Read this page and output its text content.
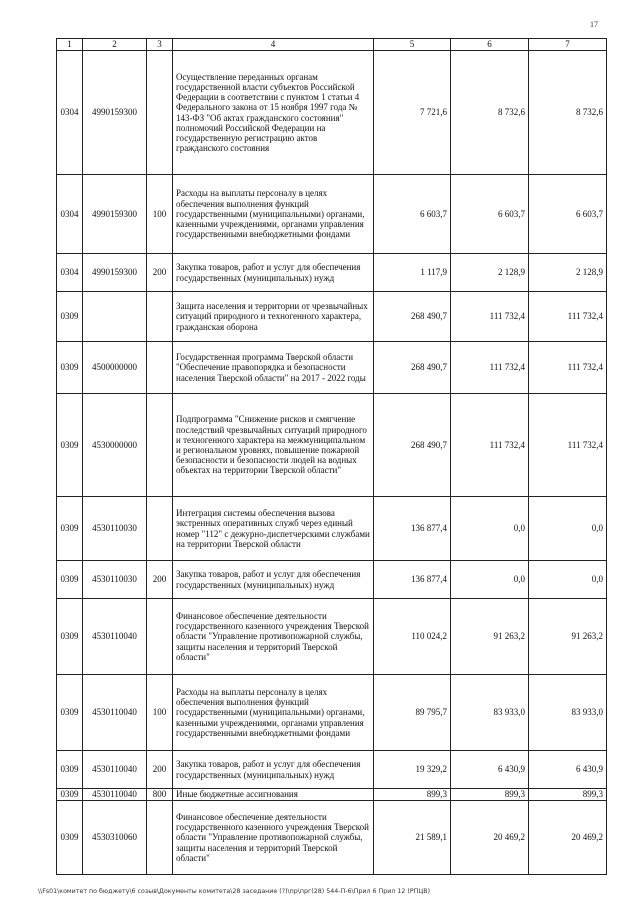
17
1	2	3	4	5	6	7
0304	4990159300		Осуществление переданных органам государственной власти субъектов Российской Федерации в соответствии с пунктом 1 статьи 4 Федерального закона от 15 ноября 1997 года № 143-ФЗ "Об актах гражданского состояния" полномочий Российской Федерации на государственную регистрацию актов гражданского состояния	7 721,6	8 732,6	8 732,6
0304	4990159300	100	Расходы на выплаты персоналу в целях обеспечения выполнения функций государственными (муниципальными) органами, казенными учреждениями, органами управления государственными внебюджетными фондами	6 603,7	6 603,7	6 603,7
0304	4990159300	200	Закупка товаров, работ и услуг для обеспечения государственных (муниципальных) нужд	1 117,9	2 128,9	2 128,9
0309			Защита населения и территории от чрезвычайных ситуаций природного и техногенного характера, гражданская оборона	268 490,7	111 732,4	111 732,4
0309	4500000000		Государственная программа Тверской области "Обеспечение правопорядка и безопасности населения Тверской области" на 2017 - 2022 годы	268 490,7	111 732,4	111 732,4
0309	4530000000		Подпрограмма "Снижение рисков и смягчение последствий чрезвычайных ситуаций природного и техногенного характера на межмуниципальном и региональном уровнях, повышение пожарной безопасности и безопасности людей на водных объектах на территории Тверской области"	268 490,7	111 732,4	111 732,4
0309	4530110030		Интеграция системы обеспечения вызова экстренных оперативных служб через единый номер "112" с дежурно-диспетчерскими службами на территории Тверской области	136 877,4	0,0	0,0
0309	4530110030	200	Закупка товаров, работ и услуг для обеспечения государственных (муниципальных) нужд	136 877,4	0,0	0,0
0309	4530110040		Финансовое обеспечение деятельности государственного казенного учреждения Тверской области "Управление противопожарной службы, защиты населения и территорий Тверской области"	110 024,2	91 263,2	91 263,2
0309	4530110040	100	Расходы на выплаты персоналу в целях обеспечения выполнения функций государственными (муниципальными) органами, казенными учреждениями, органами управления государственными внебюджетными фондами	89 795,7	83 933,0	83 933,0
0309	4530110040	200	Закупка товаров, работ и услуг для обеспечения государственных (муниципальных) нужд	19 329,2	6 430,9	6 430,9
0309	4530110040	800	Иные бюджетные ассигнования	899,3	899,3	899,3
0309	4530310060		Финансовое обеспечение деятельности государственного казенного учреждения Тверской области "Управление противопожарной службы, защиты населения и территорий Тверской области"	21 589,1	20 469,2	20 469,2
\\Fs01\комитет по бюджету\6 созыв\Документы комитета\28 заседание (?)\пр\прг(28) 544-П-6\Прил 6 Прил 12 (РПЦВ)
